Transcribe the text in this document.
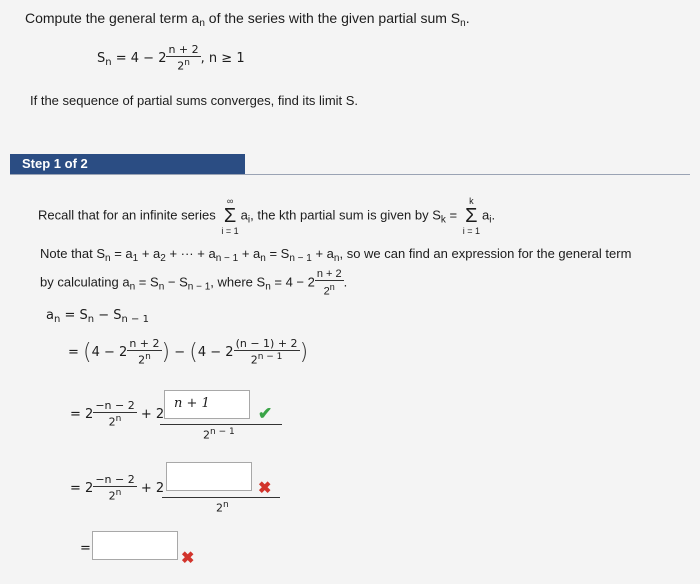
Compute the general term $a_n$ of the series with the given partial sum $S_n$.
$S_n = 4 - 2 \frac{n + 2}{2^n}$ , n ≥ 1
If the sequence of partial sums converges, find its limit S.
Step 1 of 2
Recall that for an infinite series
∞
Σ
i = 1
$a_i$, the kth partial sum is given by $S_k$ =
k
Σ
i = 1
$a_i$.
Note that $S_n = a_1 + a_2$ + ··· + $a_{n - 1} + a_n = S_{n - 1} + a_n$, so we can find an expression for the general term
by calculating $a_n = S_n - S_{n - 1}$, where $S_n = 4 - 2 \frac{n + 2}{2^n}$ .
$a_n = S_n - S_{n - 1}$
= ($4 - 2 \frac{n + 2}{2^n}$ ) − ($4 - 2 \frac{(n - 1) + 2}{2^{n - 1}}$ )
= $2 \frac{-n - 2}{2^n} + 2$
n + 1
$2^{n - 1}$
✔
= $2 \frac{-n - 2}{2^n} + 2$
2$^n$
✖
=
✖
